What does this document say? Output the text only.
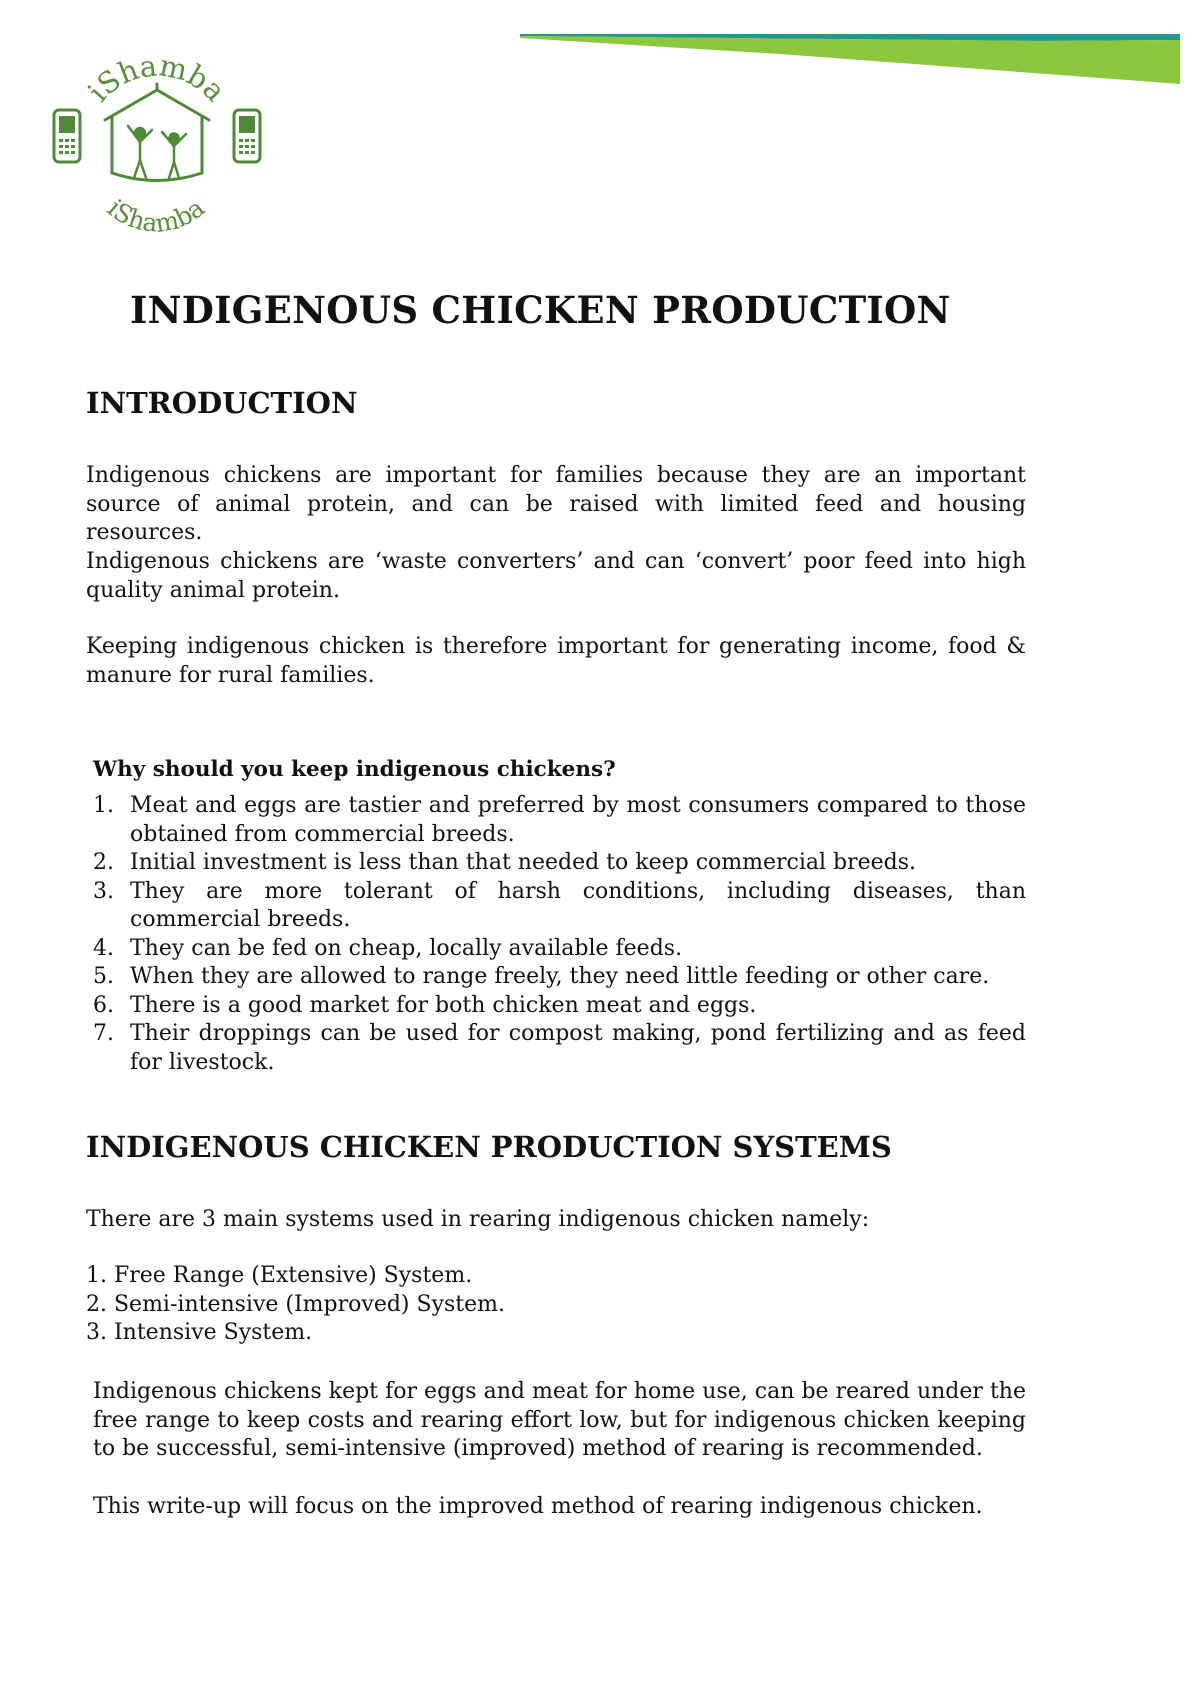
iShamba
iShamba
INDIGENOUS CHICKEN PRODUCTION
INTRODUCTION

Indigenous chickens are important for families because they are an important source of animal protein, and can be raised with limited feed and housing resources.

Indigenous chickens are ‘waste converters’ and can ‘convert’ poor feed into high quality animal protein.

Keeping indigenous chicken is therefore important for generating income, food & manure for rural families.

Why should you keep indigenous chickens?
1. Meat and eggs are tastier and preferred by most consumers compared to those obtained from commercial breeds.
2. Initial investment is less than that needed to keep commercial breeds.
3. They are more tolerant of harsh conditions, including diseases, than commercial breeds.
4. They can be fed on cheap, locally available feeds.
5. When they are allowed to range freely, they need little feeding or other care.
6. There is a good market for both chicken meat and eggs.
7. Their droppings can be used for compost making, pond fertilizing and as feed for livestock.
INDIGENOUS CHICKEN PRODUCTION SYSTEMS

There are 3 main systems used in rearing indigenous chicken namely:

1. Free Range (Extensive) System.
2. Semi-intensive (Improved) System.
3. Intensive System.

Indigenous chickens kept for eggs and meat for home use, can be reared under the free range to keep costs and rearing effort low, but for indigenous chicken keeping to be successful, semi-intensive (improved) method of rearing is recommended.

This write-up will focus on the improved method of rearing indigenous chicken.
